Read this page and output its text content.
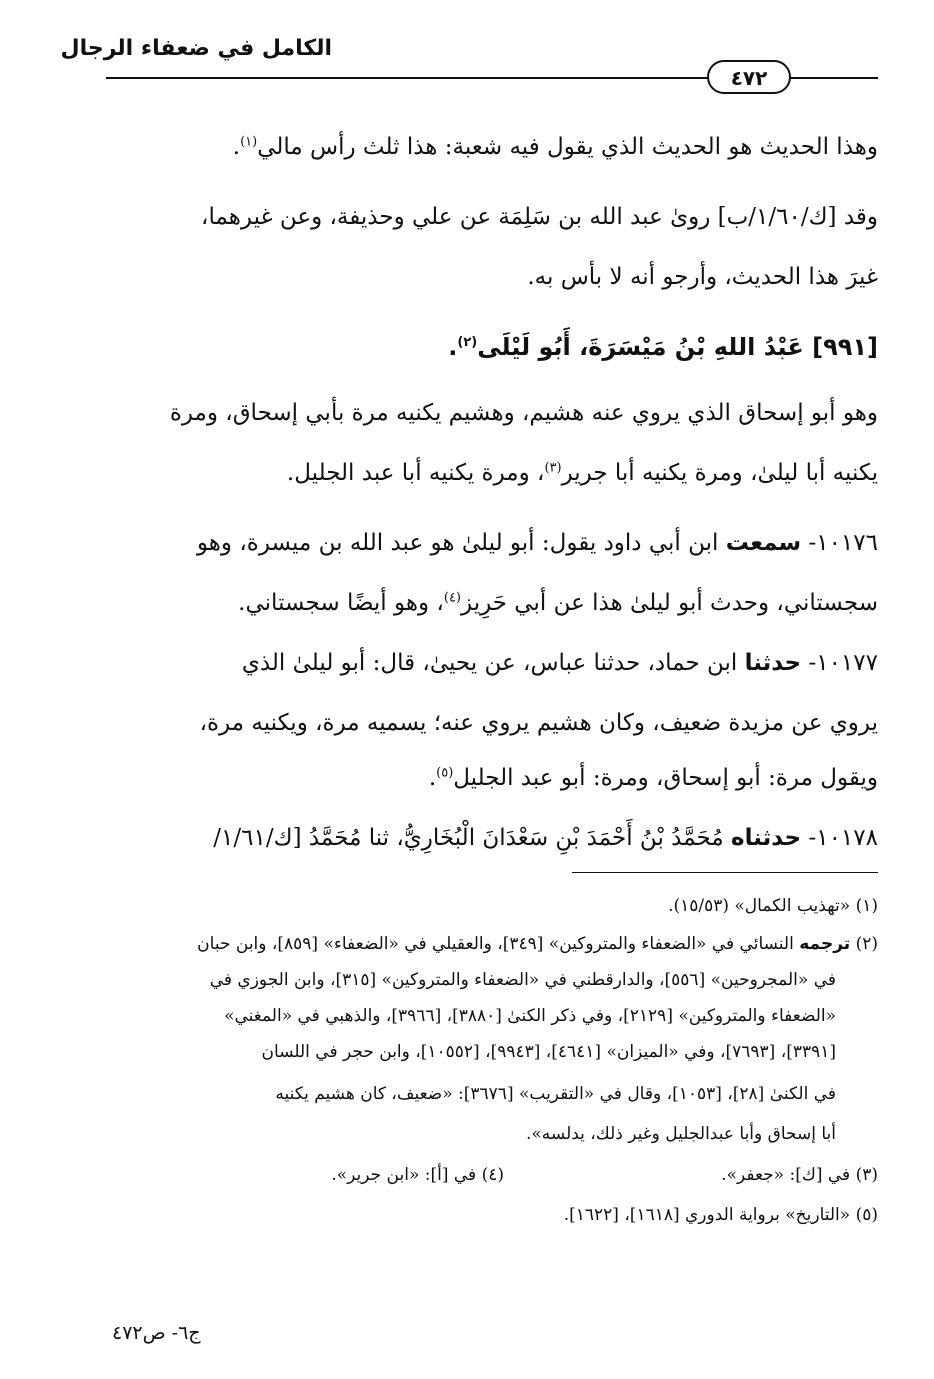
الكامل في ضعفاء الرجال
٤٧٢
وهذا الحديث هو الحديث الذي يقول فيه شعبة: هذا ثلث رأس مالي$^{(١)}$.
وقد [ك/١/٦٠/ب] روىٰ عبد الله بن سَلِمَة عن علي وحذيفة، وعن غيرهما،
غيرَ هذا الحديث، وأرجو أنه لا بأس به.
[٩٩١] عَبْدُ اللهِ بْنُ مَيْسَرَةَ، أَبُو لَيْلَى$^{(٢)}$.
وهو أبو إسحاق الذي يروي عنه هشيم، وهشيم يكنيه مرة بأبي إسحاق، ومرة
يكنيه أبا ليلىٰ، ومرة يكنيه أبا جرير$^{(٣)}$، ومرة يكنيه أبا عبد الجليل.
١٠١٧٦- سمعت ابن أبي داود يقول: أبو ليلىٰ هو عبد الله بن ميسرة، وهو
سجستاني، وحدث أبو ليلىٰ هذا عن أبي حَرِيز$^{(٤)}$، وهو أيضًا سجستاني.
١٠١٧٧- حدثنا ابن حماد، حدثنا عباس، عن يحيىٰ، قال: أبو ليلىٰ الذي
يروي عن مزيدة ضعيف، وكان هشيم يروي عنه؛ يسميه مرة، ويكنيه مرة،
ويقول مرة: أبو إسحاق، ومرة: أبو عبد الجليل$^{(٥)}$.
١٠١٧٨- حدثناه مُحَمَّدُ بْنُ أَحْمَدَ بْنِ سَعْدَانَ الْبُخَارِيُّ، ثنا مُحَمَّدُ [ك/١/٦١/
(١) «تهذيب الكمال» (١٥/٥٣).
(٢) ترجمه النسائي في «الضعفاء والمتروكين» [٣٤٩]، والعقيلي في «الضعفاء» [٨٥٩]، وابن حبان
في «المجروحين» [٥٥٦]، والدارقطني في «الضعفاء والمتروكين» [٣١٥]، وابن الجوزي في
«الضعفاء والمتروكين» [٢١٢٩]، وفي ذكر الكنىٰ [٣٨٨٠]، [٣٩٦٦]، والذهبي في «المغني»
[٣٣٩١]، [٧٦٩٣]، وفي «الميزان» [٤٦٤١]، [٩٩٤٣]، [١٠٥٥٢]، وابن حجر في اللسان
في الكنىٰ [٢٨]، [١٠٥٣]، وقال في «التقريب» [٣٦٧٦]: «ضعيف، كان هشيم يكنيه
أبا إسحاق وأبا عبدالجليل وغير ذلك، يدلسه».
(٣) في [ك]: «جعفر».
(٤) في [أ]: «ابن جرير».
(٥) «التاريخ» برواية الدوري [١٦١٨]، [١٦٢٢].
ج٦- ص٤٧٢
